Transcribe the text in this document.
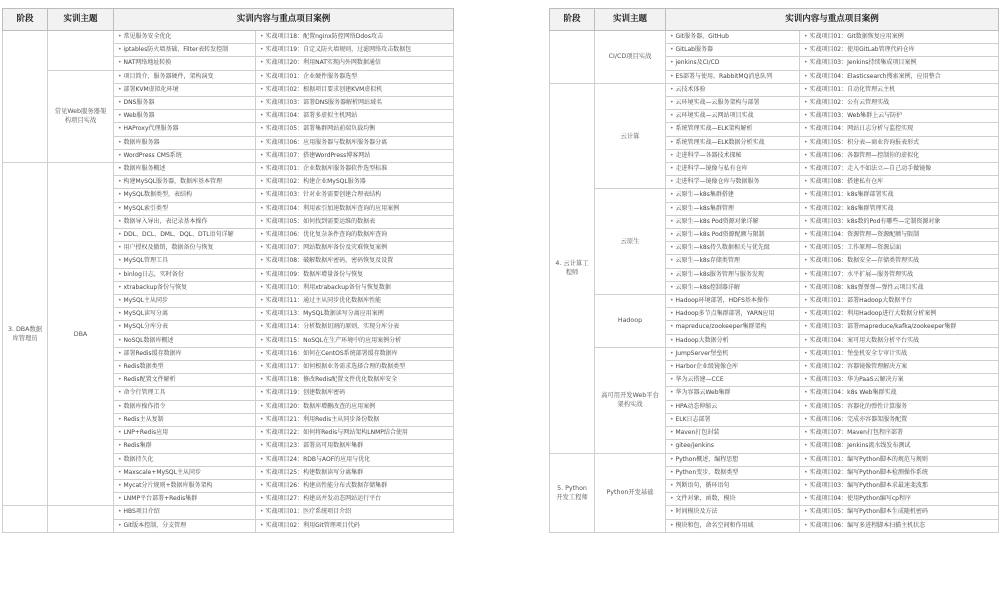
阶段	实训主题	实训内容与重点项目案例	
		• 常见服务安全优化	• 实战项目18：配置nginx防控网络Ddos攻击
		• iptables防火墙基础，Filter表转发控制	• 实战项目19：自定义防火墙规则，过滤网络攻击数据包
		• NAT网络地址转换	• 实战项目20：利用NAT实现内外网数据通信
	常见Web服务器架构项目实战	• 项目简介，服务器硬件，架构演变	• 实战项目01：企业硬件服务器选型
		• 部署KVM虚拟化环境	• 实战项目02：根据项目要求创建KVM虚拟机
		• DNS服务器	• 实战项目03：部署DNS服务器解析网站域名
		• Web服务器	• 实战项目04：部署多虚拟主机网站
		• HAProxy代理服务器	• 实战项目05：部署集群网站前端负载均衡
		• 数据库服务器	• 实战项目06：应用服务器与数据库服务器分离
		• WordPress CMS系统	• 实战项目07：搭建WordPress博客网站
3. DBA数据库管理员	DBA	• 数据库服务概述	• 实战项目01：企业数据库服务器软件选型标准
		• 构建MySQL服务器，数据库基本管理	• 实战项目02：构建企业MySQL服务器
		• MySQL数据类型，表结构	• 实战项目03：针对业务需要创建合理表结构
		• MySQL索引类型	• 实战项目04：利用索引加速数据库查询的应用案例
		• 数据导入导出，表记录基本操作	• 实战项目05：如何找到需要运维的数据表
		• DDL、DCL、DML、DQL、DTL语句详解	• 实战项目06：优化复杂条件查询的数据库查询
		• 用户授权及撤销，数据备份与恢复	• 实战项目07：网站数据库备份及灾难恢复案例
		• MySQL管理工具	• 实战项目08：破解数据库密码，密码恢复及设置
		• binlog日志，实时备份	• 实战项目09：数据库增量备份与恢复
		• xtrabackup备份与恢复	• 实战项目10：利用xtrabackup备份与恢复数据
		• MySQL主从同步	• 实战项目11：通过主从同步优化数据库性能
		• MySQL读写分离	• 实战项目13：MySQL数据读写分离应用案例
		• MySQL分库分表	• 实战项目14：分析数据切割的原则，实现分库分表
		• NoSQL数据库概述	• 实战项目15：NoSQL在生产环境中的应用案例分析
		• 部署Redis缓存数据库	• 实战项目16：如何在CentOS系统部署缓存数据库
		• Redis数据类型	• 实战项目17：如何根据业务需求选择合理的数据类型
		• Redis配置文件解析	• 实战项目18：修改Redis配置文件优化数据库安全
		• 命令行管理工具	• 实战项目19：创建数据库密码
		• 数据库操作指令	• 实战项目20：数据库增删改查的应用案例
		• Redis主从复制	• 实战项目21：利用Redis主从同步备份数据
		• LNP+Redis应用	• 实战项目22：如何将Redis与网站架构LNMP结合使用
		• Redis集群	• 实战项目23：部署高可用数据库集群
		• 数据持久化	• 实战项目24：RDB与AOF的应用与优化
		• Maxscale+MySQL主从同步	• 实战项目25：构建数据读写分离集群
		• Mycat分片规则+数据库服务架构	• 实战项目26：构建高性能分布式数据存储集群
		• LNMP平台部署+Redis集群	• 实战项目27：构建高并发动态网站运行平台
		• HBS项目介绍	• 实战项目01：医疗系统项目介绍
		• Git版本控制，分支管理	• 实战项目02：利用Git管理项目代码
阶段	实训主题	实训内容与重点项目案例	
	CI/CD项目实战	• Git服务器，GitHub	• 实战项目01：Git数据恢复应用案例
		• GitLab服务器	• 实战项目02：使用GitLab管理代码仓库
		• jenkins及CI/CD	• 实战项目03：Jenkins持续集成项目案例
		• ES部署与使用，RabbitMQ消息队列	• 实战项目04：Elasticsearch搜索案例，应用整合
4. 云计算工程师	云计算	• 云技术体验	• 实战项目01：自动化管理云主机
		• 云环境实战—云服务架构与部署	• 实战项目02：公有云管理实战
		• 云环境实战—云网站项目实战	• 实战项目03：Web集群上云与防护
		• 系统管理实战—ELK架构解析	• 实战项目04：网站日志分析与监控实现
		• 系统管理实战—ELK数据分析实战	• 实战项目05：积分表—商业咨询报表形式
		• 走进科学—各器技术探秘	• 实战项目06：各器管理—控制你的虚拟化
		• 走进科学—镜像与私有仓库	• 实战项目07：走入不如法立—自己动手做镜像
		• 走进科学—镜像仓库与数据服务	• 实战项目08：搭建私有仓库
	云原生	• 云原生—k8s集群搭建	• 实战项目01：k8s集群部署实战
		• 云原生—k8s集群管理	• 实战项目02：k8s集群管理实战
		• 云原生—k8s Pod资源对象详解	• 实战项目03：k8s数的Pod有哪些—定制资源对象
		• 云原生—k8s Pod资源配额与限制	• 实战项目04：资源管理—资源配额与限制
		• 云原生—k8s持久数据相关与优先级	• 实战项目05：工作原理—资源层面
		• 云原生—k8s存储类管理	• 实战项目06：数据安全—存储类管理实战
		• 云原生—k8s服务管理与服务发现	• 实战项目07：水平扩展—服务管理实战
		• 云原生—k8s控制器详解	• 实战项目08：k8s弹弹弹—弹性云项目实战
	Hadoop	• Hadoop环境部署，HDFS基本操作	• 实战项目01：部署Hadoop大数据平台
		• Hadoop多节点集群部署，YARN应用	• 实战项目02：利用Hadoop进行大数据分析案例
		• mapreduce/zookeeper集群架构	• 实战项目03：部署mapreduce/kafka/zookeeper集群
		• Hadoop大数据分析	• 实战项目04：案可用大数据分析平台实战
	高可用开发Web平台架构实战	• JumpServer堡垒机	• 实战项目01：堡垒机安全专审计实战
		• Harbor企业级镜像仓库	• 实战项目02：容器镜像管理解决方案
		• 华为云搭建—CCE	• 实战项目03：华为PaaS云解决方案
		• 华为容器云Web集群	• 实战项目04：k8s Web集群实战
		• HPA动态伸缩云	• 实战项目05：容器化的弹性计算服务
		• ELK日志部署	• 实战项目06：完成亦容器架服务配置
		• Maven打包封装	• 实战项目07：Maven打包程序部署
		• gitee/jenkins	• 实战项目08：Jenkins流水线发布测试
5. Python开发工程师	Python开发基础	• Python概述，编程思想	• 实战项目01：编写Python脚本的规范与规则
		• Python变步，数据类型	• 实战项目02：编写Python脚本检测操作系统
		• 判断语句，循环语句	• 实战项目03：编写Python脚本求最速斐波那
		• 文件对象，函数，模块	• 实战项目04：使用Python编写cp程序
		• 时间模块及方法	• 实战项目05：编写Python脚本生成随机密码
		• 模块和包，命名空间和作用域	• 实战项目06：编写多进程脚本扫描主机状态
